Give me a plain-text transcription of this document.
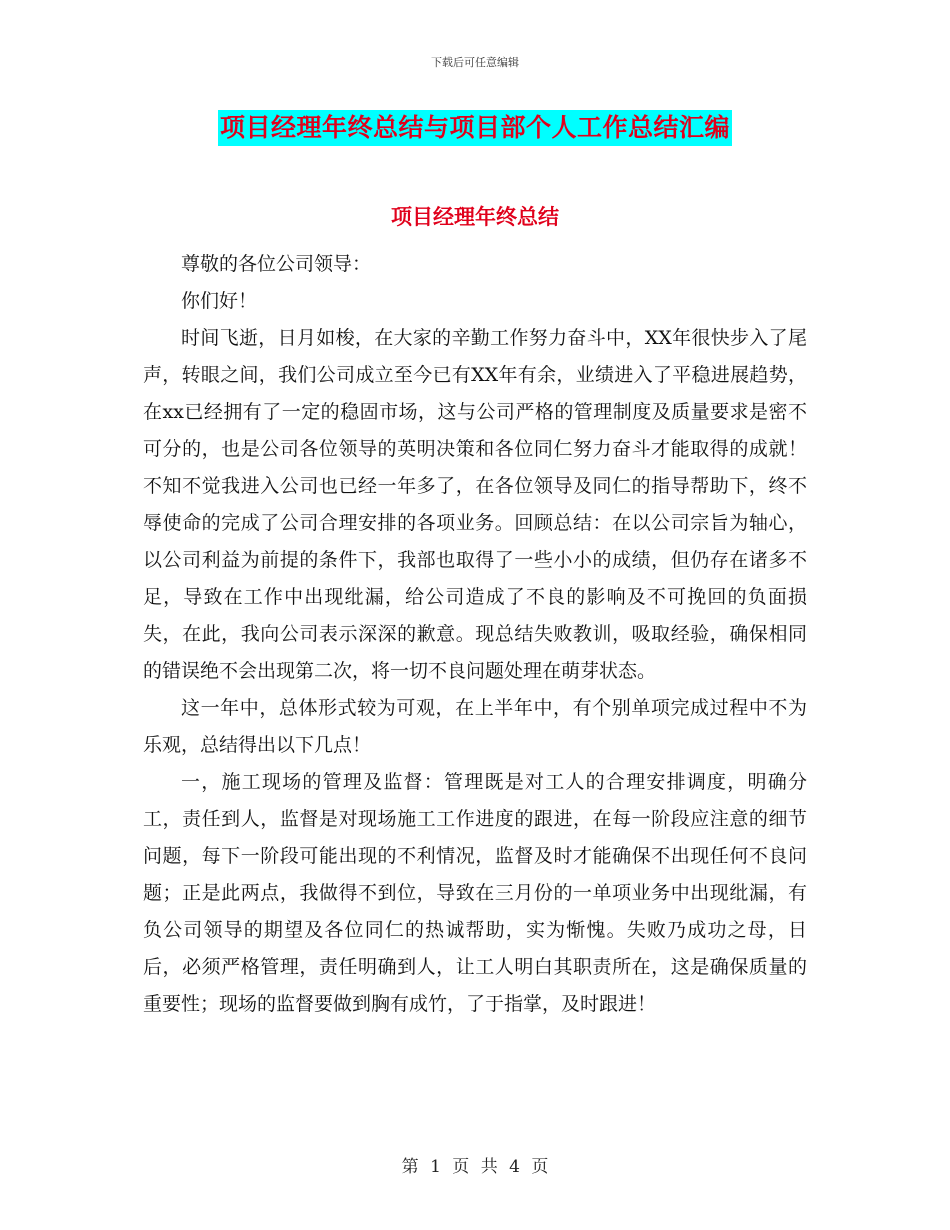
下载后可任意编辑
项目经理年终总结与项目部个人工作总结汇编
项目经理年终总结

尊敬的各位公司领导：

你们好！

时间飞逝，日月如梭，在大家的辛勤工作努力奋斗中，XX年很快步入了尾声，转眼之间，我们公司成立至今已有XX年有余，业绩进入了平稳进展趋势，在xx已经拥有了一定的稳固市场，这与公司严格的管理制度及质量要求是密不可分的，也是公司各位领导的英明决策和各位同仁努力奋斗才能取得的成就！不知不觉我进入公司也已经一年多了，在各位领导及同仁的指导帮助下，终不辱使命的完成了公司合理安排的各项业务。回顾总结：在以公司宗旨为轴心，以公司利益为前提的条件下，我部也取得了一些小小的成绩，但仍存在诸多不足，导致在工作中出现纰漏，给公司造成了不良的影响及不可挽回的负面损失，在此，我向公司表示深深的歉意。现总结失败教训，吸取经验，确保相同的错误绝不会出现第二次，将一切不良问题处理在萌芽状态。

这一年中，总体形式较为可观，在上半年中，有个别单项完成过程中不为乐观，总结得出以下几点！

一，施工现场的管理及监督：管理既是对工人的合理安排调度，明确分工，责任到人，监督是对现场施工工作进度的跟进，在每一阶段应注意的细节问题，每下一阶段可能出现的不利情况，监督及时才能确保不出现任何不良问题；正是此两点，我做得不到位，导致在三月份的一单项业务中出现纰漏，有负公司领导的期望及各位同仁的热诚帮助，实为惭愧。失败乃成功之母，日后，必须严格管理，责任明确到人，让工人明白其职责所在，这是确保质量的重要性；现场的监督要做到胸有成竹，了于指掌，及时跟进！

第 1 页 共 4 页
